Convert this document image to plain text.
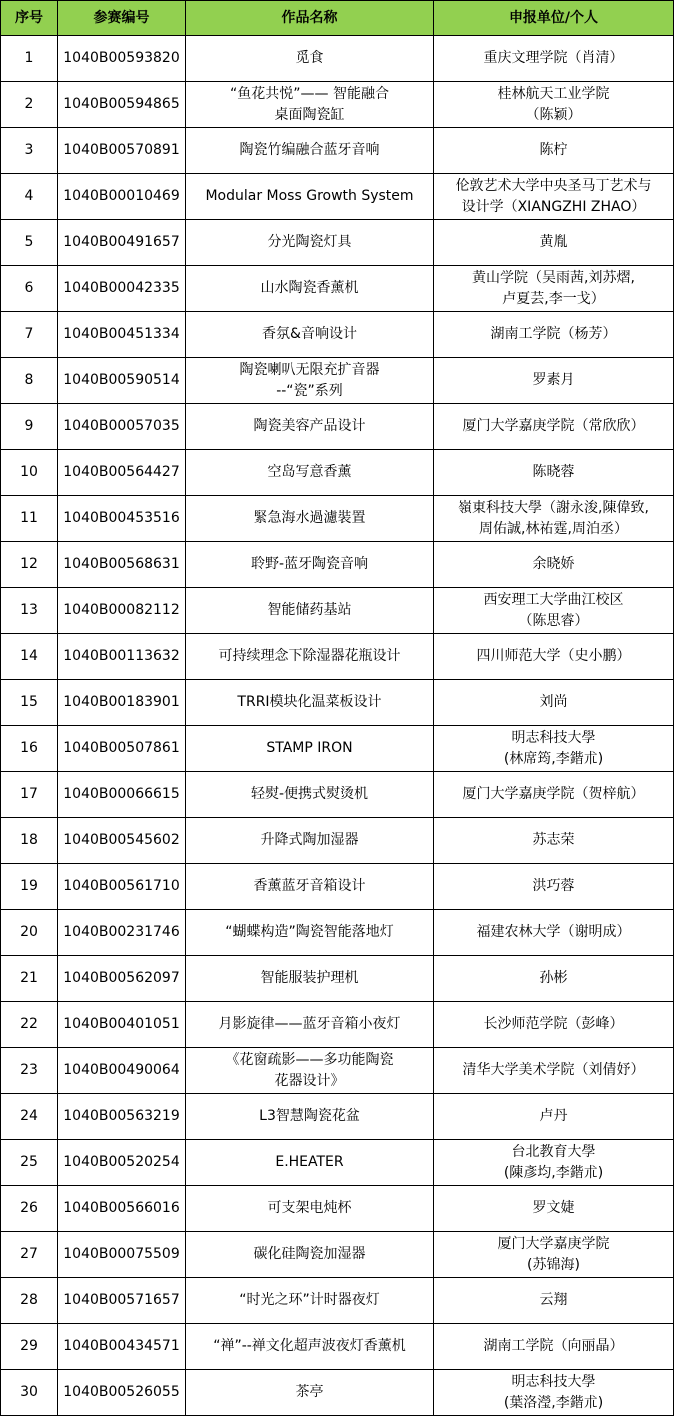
序号	参赛编号	作品名称	申报单位/个人
1	1040B00593820	觅食	重庆文理学院（肖清）
2	1040B00594865	“鱼花共悦”—— 智能融合
桌面陶瓷缸	桂林航天工业学院
（陈颖）
3	1040B00570891	陶瓷竹编融合蓝牙音响	陈柠
4	1040B00010469	Modular Moss Growth System	伦敦艺术大学中央圣马丁艺术与
设计学（XIANGZHI ZHAO）
5	1040B00491657	分光陶瓷灯具	黄胤
6	1040B00042335	山水陶瓷香薰机	黄山学院（吴雨茜,刘苏熠,
卢夏芸,李一戈）
7	1040B00451334	香氛&音响设计	湖南工学院（杨芳）
8	1040B00590514	陶瓷喇叭无限充扩音器
--“瓷”系列	罗素月
9	1040B00057035	陶瓷美容产品设计	厦门大学嘉庚学院（常欣欣）
10	1040B00564427	空岛写意香薰	陈晓蓉
11	1040B00453516	緊急海水過濾裝置	嶺東科技大學（謝永浚,陳偉致,
周佑誠,林祐霆,周泊丞）
12	1040B00568631	聆野-蓝牙陶瓷音响	余晓娇
13	1040B00082112	智能储药基站	西安理工大学曲江校区
（陈思睿）
14	1040B00113632	可持续理念下除湿器花瓶设计	四川师范大学（史小鹏）
15	1040B00183901	TRRI模块化温菜板设计	刘尚
16	1040B00507861	STAMP IRON	明志科技大學
(林席筠,李鍇朮)
17	1040B00066615	轻熨-便携式熨烫机	厦门大学嘉庚学院（贺梓航）
18	1040B00545602	升降式陶加湿器	苏志荣
19	1040B00561710	香薰蓝牙音箱设计	洪巧蓉
20	1040B00231746	“蝴蝶构造”陶瓷智能落地灯	福建农林大学（谢明成）
21	1040B00562097	智能服装护理机	孙彬
22	1040B00401051	月影旋律——蓝牙音箱小夜灯	长沙师范学院（彭峰）
23	1040B00490064	《花窗疏影——多功能陶瓷
花器设计》	清华大学美术学院（刘倩妤）
24	1040B00563219	L3智慧陶瓷花盆	卢丹
25	1040B00520254	E.HEATER	台北教育大學
(陳彥均,李鍇朮)
26	1040B00566016	可支架电炖杯	罗文婕
27	1040B00075509	碳化硅陶瓷加湿器	厦门大学嘉庚学院
(苏锦海)
28	1040B00571657	“时光之环”计时器夜灯	云翔
29	1040B00434571	“禅”--禅文化超声波夜灯香薰机	湖南工学院（向丽晶）
30	1040B00526055	茶亭	明志科技大學
(葉洛瀅,李鍇朮)
